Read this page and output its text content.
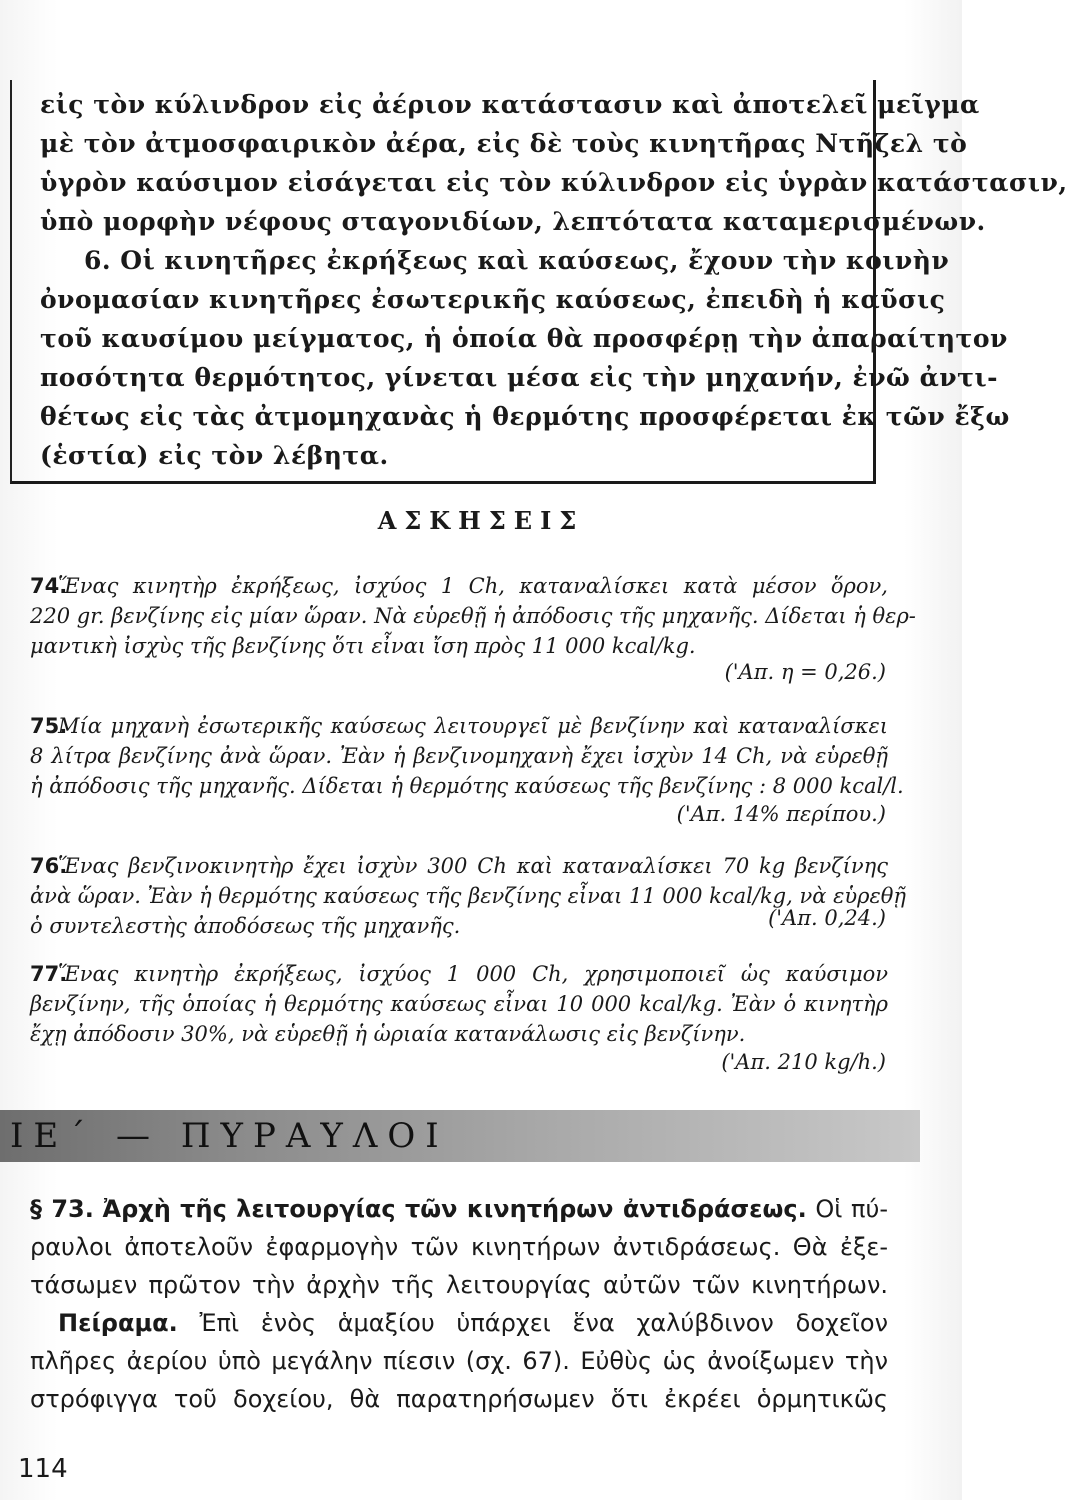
εἰς τὸν κύλινδρον εἰς ἀέριον κατάστασιν καὶ ἀποτελεῖ μεῖγμα
μὲ τὸν ἀτμοσφαιρικὸν ἀέρα, εἰς δὲ τοὺς κινητῆρας Ντῆζελ τὸ
ὑγρὸν καύσιμον εἰσάγεται εἰς τὸν κύλινδρον εἰς ὑγρὰν κατάστασιν,
ὑπὸ μορφὴν νέφους σταγονιδίων, λεπτότατα καταμερισμένων.
6. Οἱ κινητῆρες ἐκρήξεως καὶ καύσεως, ἔχουν τὴν κοινὴν
ὀνομασίαν κινητῆρες ἐσωτερικῆς καύσεως, ἐπειδὴ ἡ καῦσις
τοῦ καυσίμου μείγματος, ἡ ὁποία θὰ προσφέρῃ τὴν ἀπαραίτητον
ποσότητα θερμότητος, γίνεται μέσα εἰς τὴν μηχανήν, ἐνῶ ἀντι-
θέτως εἰς τὰς ἀτμομηχανὰς ἡ θερμότης προσφέρεται ἐκ τῶν ἔξω
(ἑστία) εἰς τὸν λέβητα.
ΑΣΚΗΣΕΙΣ
74.
Ἕνας κινητὴρ ἐκρήξεως, ἰσχύος 1 Ch, καταναλίσκει κατὰ μέσον ὅρον,
220 gr. βενζίνης εἰς μίαν ὥραν. Νὰ εὑρεθῇ ἡ ἀπόδοσις τῆς μηχανῆς. Δίδεται ἡ θερ-
μαντικὴ ἰσχὺς τῆς βενζίνης ὅτι εἶναι ἴση πρὸς 11 000 kcal/kg.
('Απ. η = 0,26.)
75.
Μία μηχανὴ ἐσωτερικῆς καύσεως λειτουργεῖ μὲ βενζίνην καὶ καταναλίσκει
8 λίτρα βενζίνης ἀνὰ ὥραν. Ἐὰν ἡ βενζινομηχανὴ ἔχει ἰσχὺν 14 Ch, νὰ εὑρεθῇ
ἡ ἀπόδοσις τῆς μηχανῆς. Δίδεται ἡ θερμότης καύσεως τῆς βενζίνης : 8 000 kcal/l.
('Απ. 14% περίπου.)
76.
Ἕνας βενζινοκινητὴρ ἔχει ἰσχὺν 300 Ch καὶ καταναλίσκει 70 kg βενζίνης
ἀνὰ ὥραν. Ἐὰν ἡ θερμότης καύσεως τῆς βενζίνης εἶναι 11 000 kcal/kg, νὰ εὑρεθῇ
ὁ συντελεστὴς ἀποδόσεως τῆς μηχανῆς.	('Απ. 0,24.)
77.
Ἕνας κινητὴρ ἐκρήξεως, ἰσχύος 1 000 Ch, χρησιμοποιεῖ ὡς καύσιμον
βενζίνην, τῆς ὁποίας ἡ θερμότης καύσεως εἶναι 10 000 kcal/kg. Ἐὰν ὁ κινητὴρ
ἔχῃ ἀπόδοσιν 30%, νὰ εὑρεθῇ ἡ ὡριαία κατανάλωσις εἰς βενζίνην.
('Απ. 210 kg/h.)
ΙΕ΄ — ΠΥΡΑΥΛΟΙ
§ 73. Ἀρχὴ τῆς λειτουργίας τῶν κινητήρων ἀντιδράσεως. Οἱ πύ-
ραυλοι ἀποτελοῦν ἐφαρμογὴν τῶν κινητήρων ἀντιδράσεως. Θὰ ἐξε-
τάσωμεν πρῶτον τὴν ἀρχὴν τῆς λειτουργίας αὐτῶν τῶν κινητήρων.
Πείραμα. Ἐπὶ ἑνὸς ἁμαξίου ὑπάρχει ἕνα χαλύβδινον δοχεῖον
πλῆρες ἀερίου ὑπὸ μεγάλην πίεσιν (σχ. 67). Εὐθὺς ὡς ἀνοίξωμεν τὴν
στρόφιγγα τοῦ δοχείου, θὰ παρατηρήσωμεν ὅτι ἐκρέει ὁρμητικῶς
114
